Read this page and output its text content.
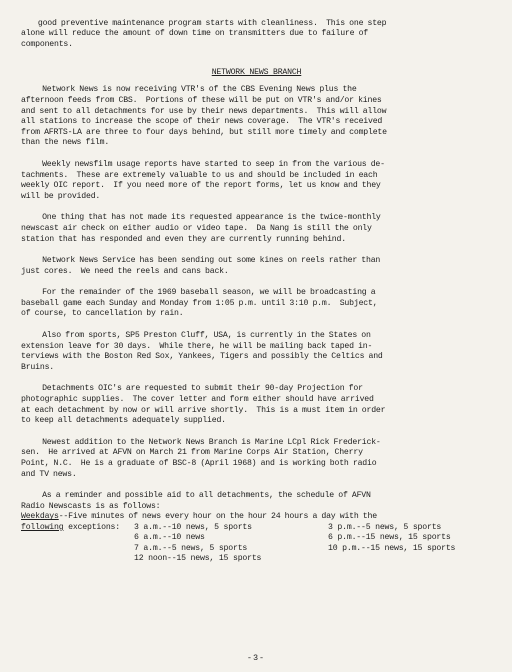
good preventive maintenance program starts with cleanliness.  This one step
alone will reduce the amount of down time on transmitters due to failure of
components.

NETWORK NEWS BRANCH

Network News is now receiving VTR's of the CBS Evening News plus the
afternoon feeds from CBS.  Portions of these will be put on VTR's and/or kines
and sent to all detachments for use by their news departments.  This will allow
all stations to increase the scope of their news coverage.  The VTR's received
from AFRTS-LA are three to four days behind, but still more timely and complete
than the news film.

Weekly newsfilm usage reports have started to seep in from the various de-
tachments.  These are extremely valuable to us and should be included in each
weekly OIC report.  If you need more of the report forms, let us know and they
will be provided.

One thing that has not made its requested appearance is the twice-monthly
newscast air check on either audio or video tape.  Da Nang is still the only
station that has responded and even they are currently running behind.

Network News Service has been sending out some kines on reels rather than
just cores.  We need the reels and cans back.

For the remainder of the 1969 baseball season, we will be broadcasting a
baseball game each Sunday and Monday from 1:05 p.m. until 3:10 p.m.  Subject,
of course, to cancellation by rain.

Also from sports, SP5 Preston Cluff, USA, is currently in the States on
extension leave for 30 days.  While there, he will be mailing back taped in-
terviews with the Boston Red Sox, Yankees, Tigers and possibly the Celtics and
Bruins.

Detachments OIC's are requested to submit their 90-day Projection for
photographic supplies.  The cover letter and form either should have arrived
at each detachment by now or will arrive shortly.  This is a must item in order
to keep all detachments adequately supplied.

Newest addition to the Network News Branch is Marine LCpl Rick Frederick-
sen.  He arrived at AFVN on March 21 from Marine Corps Air Station, Cherry
Point, N.C.  He is a graduate of BSC-8 (April 1968) and is working both radio
and TV news.

As a reminder and possible aid to all detachments, the schedule of AFVN
Radio Newscasts is as follows:
Weekdays--Five minutes of news every hour on the hour 24 hours a day with the

following exceptions:	3 a.m.--10 news, 5 sports	3 p.m.--5 news, 5 sports
6 a.m.--10 news	6 p.m.--15 news, 15 sports
7 a.m.--5 news, 5 sports	10 p.m.--15 news, 15 sports
12 noon--15 news, 15 sports
-3-
